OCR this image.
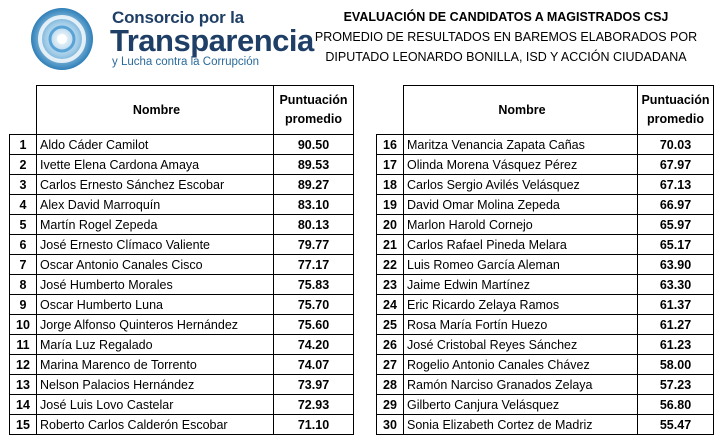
Consorcio por la
Transparencia
y Lucha contra la Corrupción
EVALUACIÓN DE CANDIDATOS A MAGISTRADOS CSJ
PROMEDIO DE RESULTADOS EN BAREMOS ELABORADOS POR
DIPUTADO LEONARDO BONILLA, ISD Y ACCIÓN CIUDADANA
	Nombre	Puntuación
promedio
1	Aldo Cáder Camilot	90.50
2	Ivette Elena Cardona Amaya	89.53
3	Carlos Ernesto Sánchez Escobar	89.27
4	Alex David Marroquín	83.10
5	Martín Rogel Zepeda	80.13
6	José Ernesto Clímaco Valiente	79.77
7	Oscar Antonio Canales Cisco	77.17
8	José Humberto Morales	75.83
9	Oscar Humberto Luna	75.70
10	Jorge Alfonso Quinteros Hernández	75.60
11	María Luz Regalado	74.20
12	Marina Marenco de Torrento	74.07
13	Nelson Palacios Hernández	73.97
14	José Luis Lovo Castelar	72.93
15	Roberto Carlos Calderón Escobar	71.10
	Nombre	Puntuación
promedio
16	Maritza Venancia Zapata Cañas	70.03
17	Olinda Morena Vásquez Pérez	67.97
18	Carlos Sergio Avilés Velásquez	67.13
19	David Omar Molina Zepeda	66.97
20	Marlon Harold Cornejo	65.97
21	Carlos Rafael Pineda Melara	65.17
22	Luis Romeo García Aleman	63.90
23	Jaime Edwin Martínez	63.30
24	Eric Ricardo Zelaya Ramos	61.37
25	Rosa María Fortín Huezo	61.27
26	José Cristobal Reyes Sánchez	61.23
27	Rogelio Antonio Canales Chávez	58.00
28	Ramón Narciso Granados Zelaya	57.23
29	Gilberto Canjura Velásquez	56.80
30	Sonia Elizabeth Cortez de Madriz	55.47
